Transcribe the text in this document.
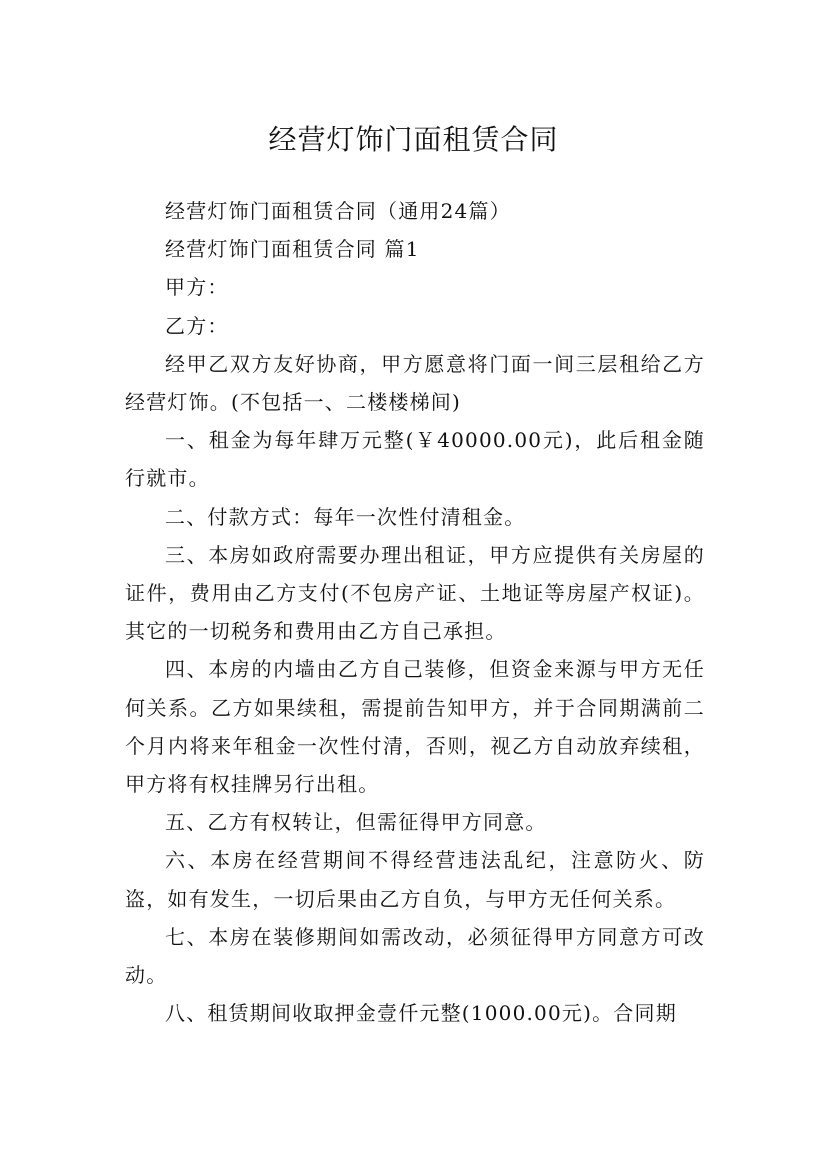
经营灯饰门面租赁合同

经营灯饰门面租赁合同（通用24篇）

经营灯饰门面租赁合同 篇1

甲方：

乙方：

经甲乙双方友好协商，甲方愿意将门面一间三层租给乙方经营灯饰。(不包括一、二楼楼梯间)

一、租金为每年肆万元整(￥40000.00元)，此后租金随行就市。

二、付款方式：每年一次性付清租金。

三、本房如政府需要办理出租证，甲方应提供有关房屋的证件，费用由乙方支付(不包房产证、土地证等房屋产权证)。其它的一切税务和费用由乙方自己承担。

四、本房的内墙由乙方自己装修，但资金来源与甲方无任何关系。乙方如果续租，需提前告知甲方，并于合同期满前二个月内将来年租金一次性付清，否则，视乙方自动放弃续租，甲方将有权挂牌另行出租。

五、乙方有权转让，但需征得甲方同意。

六、本房在经营期间不得经营违法乱纪，注意防火、防盗，如有发生，一切后果由乙方自负，与甲方无任何关系。

七、本房在装修期间如需改动，必须征得甲方同意方可改动。

八、租赁期间收取押金壹仟元整(1000.00元)。合同期
